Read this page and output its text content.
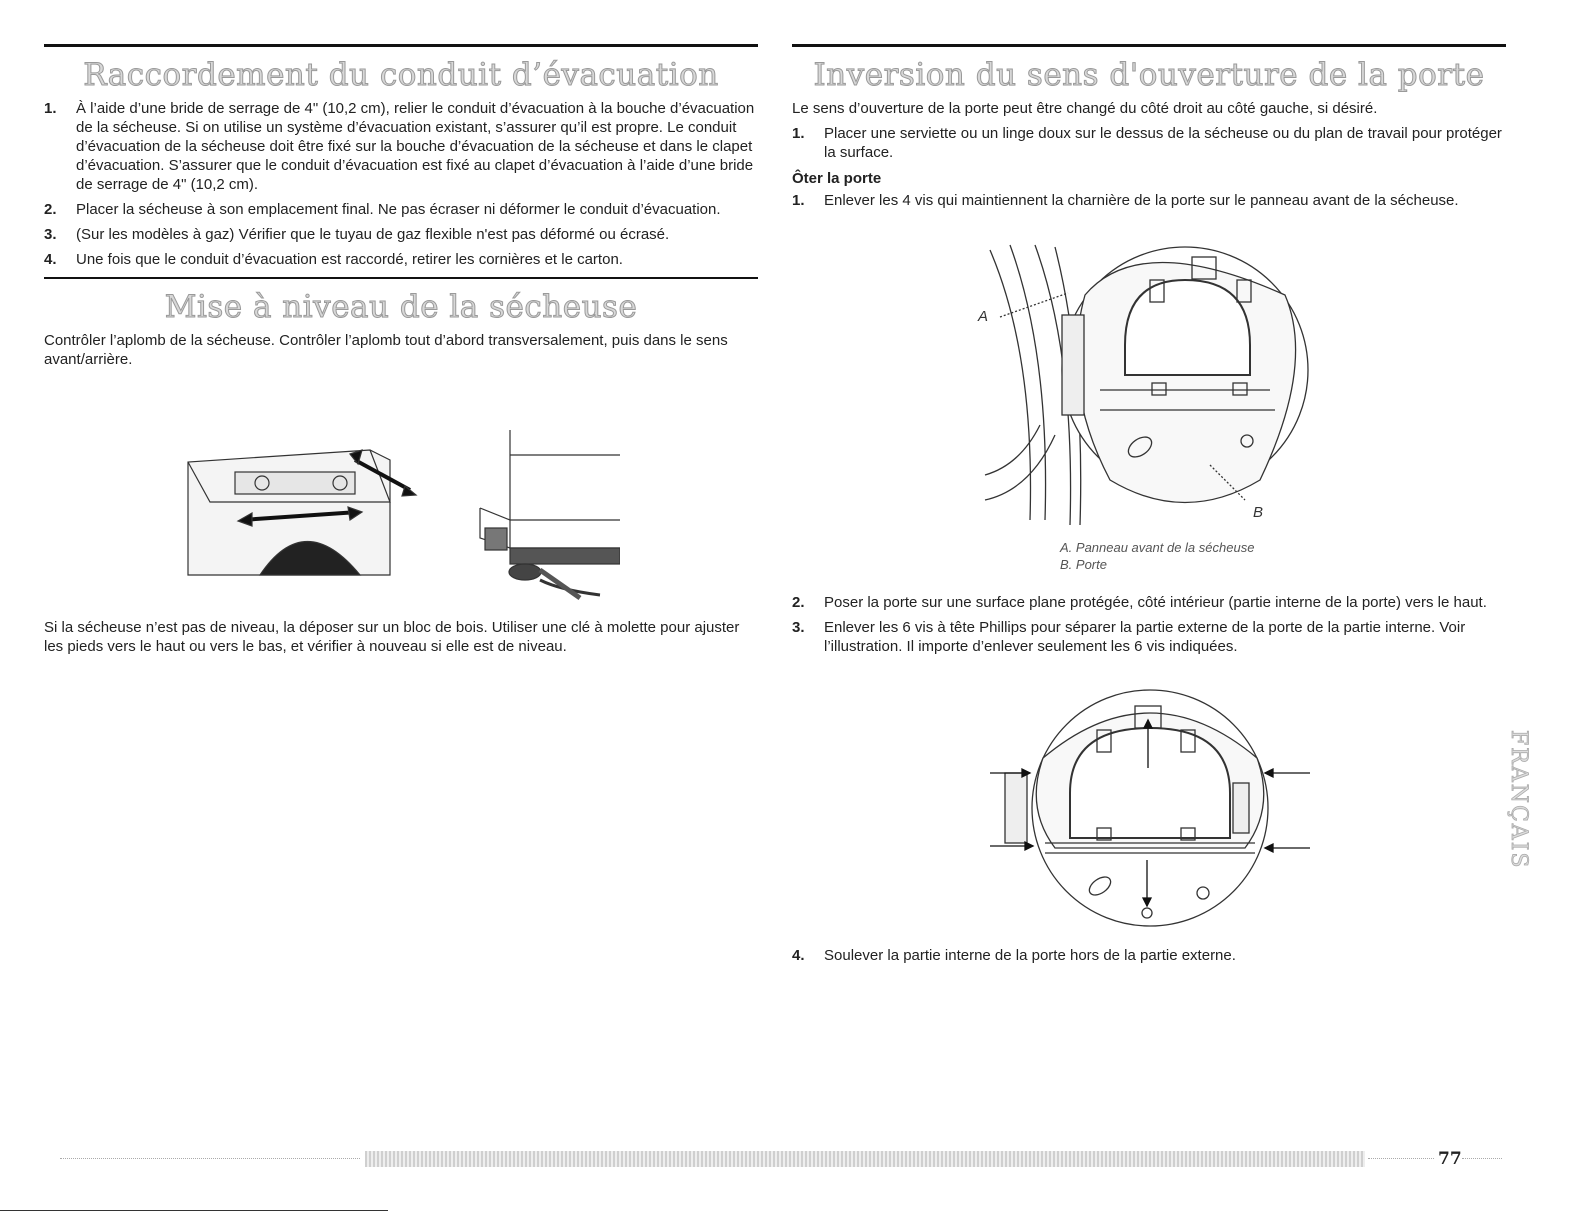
Raccordement du conduit d’évacuation
1. À l’aide d’une bride de serrage de 4" (10,2 cm), relier le conduit d’évacuation à la bouche d’évacuation de la sécheuse. Si on utilise un système d’évacuation existant, s’assurer qu’il est propre. Le conduit d’évacuation de la sécheuse doit être fixé sur la bouche d’évacuation de la sécheuse et dans le clapet d’évacuation. S’assurer que le conduit d’évacuation est fixé au clapet d’évacuation à l’aide d’une bride de serrage de 4" (10,2 cm).
2. Placer la sécheuse à son emplacement final. Ne pas écraser ni déformer le conduit d’évacuation.
3. (Sur les modèles à gaz) Vérifier que le tuyau de gaz flexible n'est pas déformé ou écrasé.
4. Une fois que le conduit d’évacuation est raccordé, retirer les cornières et le carton.
Mise à niveau de la sécheuse

Contrôler l’aplomb de la sécheuse. Contrôler l’aplomb tout d’abord transversalement, puis dans le sens avant/arrière.

Si la sécheuse n’est pas de niveau, la déposer sur un bloc de bois. Utiliser une clé à molette pour ajuster les pieds vers le haut ou vers le bas, et vérifier à nouveau si elle est de niveau.

Inversion du sens d'ouverture de la porte

Le sens d’ouverture de la porte peut être changé du côté droit au côté gauche, si désiré.

1. Placer une serviette ou un linge doux sur le dessus de la sécheuse ou du plan de travail pour protéger la surface.
Ôter la porte
1. Enlever les 4 vis qui maintiennent la charnière de la porte sur le panneau avant de la sécheuse.
A
B
A. Panneau avant de la sécheuse
B. Porte
2. Poser la porte sur une surface plane protégée, côté intérieur (partie interne de la porte) vers le haut.
3. Enlever les 6 vis à tête Phillips pour séparer la partie externe de la porte de la partie interne. Voir l’illustration. Il importe d’enlever seulement les 6 vis indiquées.
4. Soulever la partie interne de la porte hors de la partie externe.
FRANÇAIS
77
